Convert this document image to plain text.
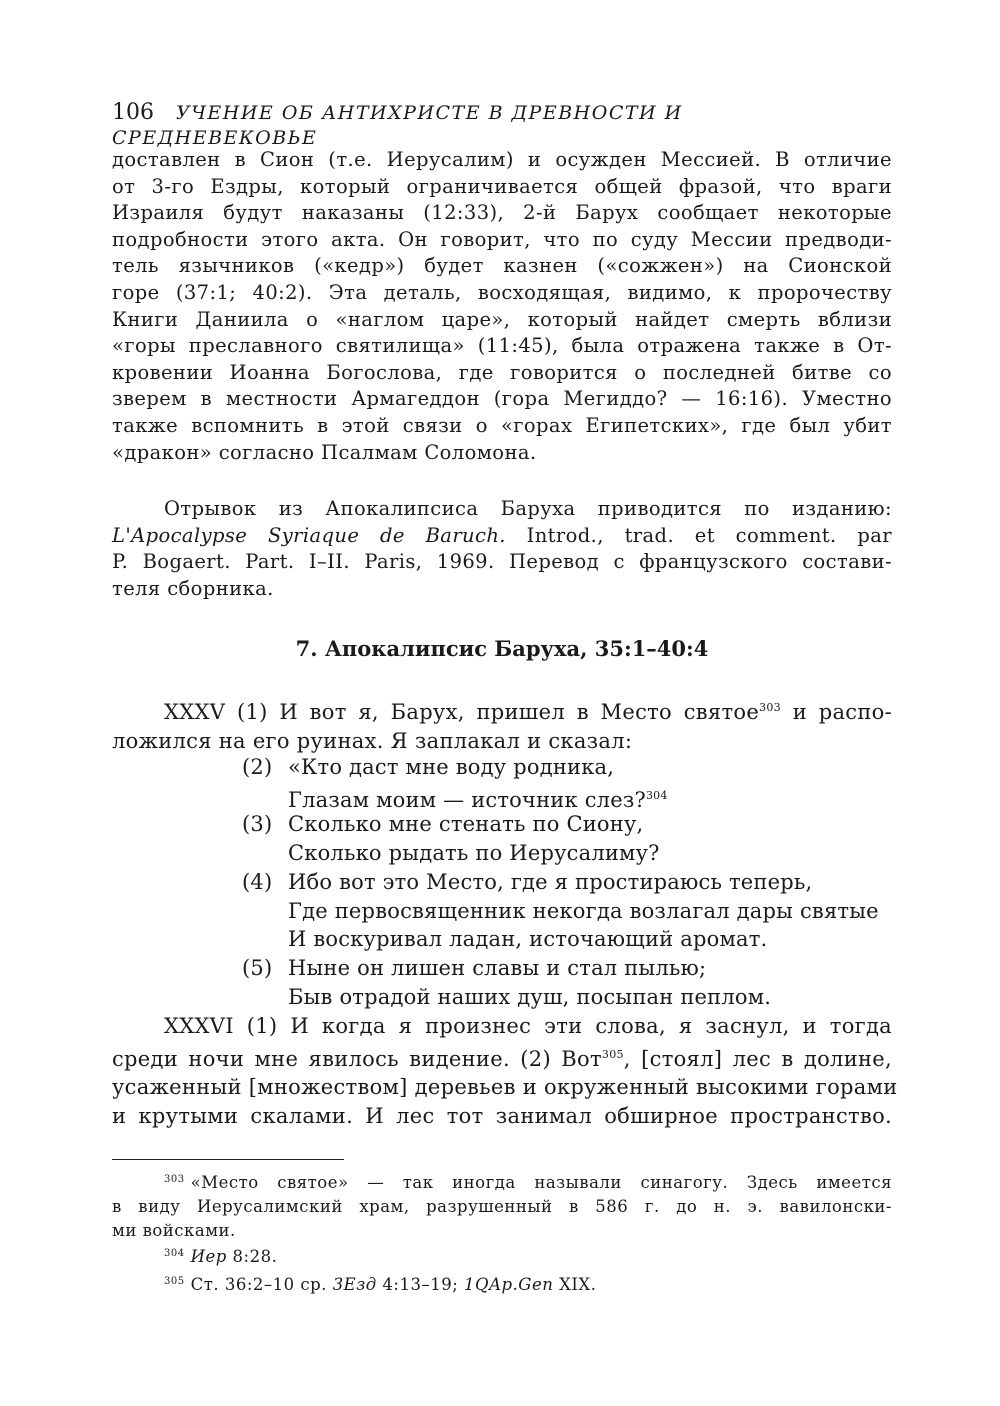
106 УЧЕНИЕ ОБ АНТИХРИСТЕ В ДРЕВНОСТИ И СРЕДНЕВЕКОВЬЕ
доставлен в Сион (т.е. Иерусалим) и осужден Мессией. В отличие
от 3-го Ездры, который ограничивается общей фразой, что враги
Израиля будут наказаны (12:33), 2-й Барух сообщает некоторые
подробности этого акта. Он говорит, что по суду Мессии предводи-
тель язычников («кедр») будет казнен («сожжен») на Сионской
горе (37:1; 40:2). Эта деталь, восходящая, видимо, к пророчеству
Книги Даниила о «наглом царе», который найдет смерть вблизи
«горы преславного святилища» (11:45), была отражена также в От-
кровении Иоанна Богослова, где говорится о последней битве со
зверем в местности Армагеддон (гора Мегиддо? — 16:16). Уместно
также вспомнить в этой связи о «горах Египетских», где был убит
«дракон» согласно Псалмам Соломона.
Отрывок из Апокалипсиса Баруха приводится по изданию:
L'Apocalypse Syriaque de Baruch. Introd., trad. et comment. par
P. Bogaert. Part. I–II. Paris, 1969. Перевод с французского состави-
теля сборника.
7. Апокалипсис Баруха, 35:1–40:4
XXXV (1) И вот я, Барух, пришел в Место святое$^{303}$ и распо-
ложился на его руинах. Я заплакал и сказал:
(2) «Кто даст мне воду родника,
Глазам моим — источник слез?$^{304}$
(3) Сколько мне стенать по Сиону,
Сколько рыдать по Иерусалиму?
(4) Ибо вот это Место, где я простираюсь теперь,
Где первосвященник некогда возлагал дары святые
И воскуривал ладан, источающий аромат.
(5) Ныне он лишен славы и стал пылью;
Быв отрадой наших душ, посыпан пеплом.
XXXVI (1) И когда я произнес эти слова, я заснул, и тогда
среди ночи мне явилось видение. (2) Вот$^{305}$, [стоял] лес в долине,
усаженный [множеством] деревьев и окруженный высокими горами
и крутыми скалами. И лес тот занимал обширное пространство.
$^{303}$ «Место святое» — так иногда называли синагогу. Здесь имеется
в виду Иерусалимский храм, разрушенный в 586 г. до н. э. вавилонски-
ми войсками.
$^{304}$ Иер 8:28.
$^{305}$ Ст. 36:2–10 ср. 3Езд 4:13–19; 1QAp.Gen XIX.
